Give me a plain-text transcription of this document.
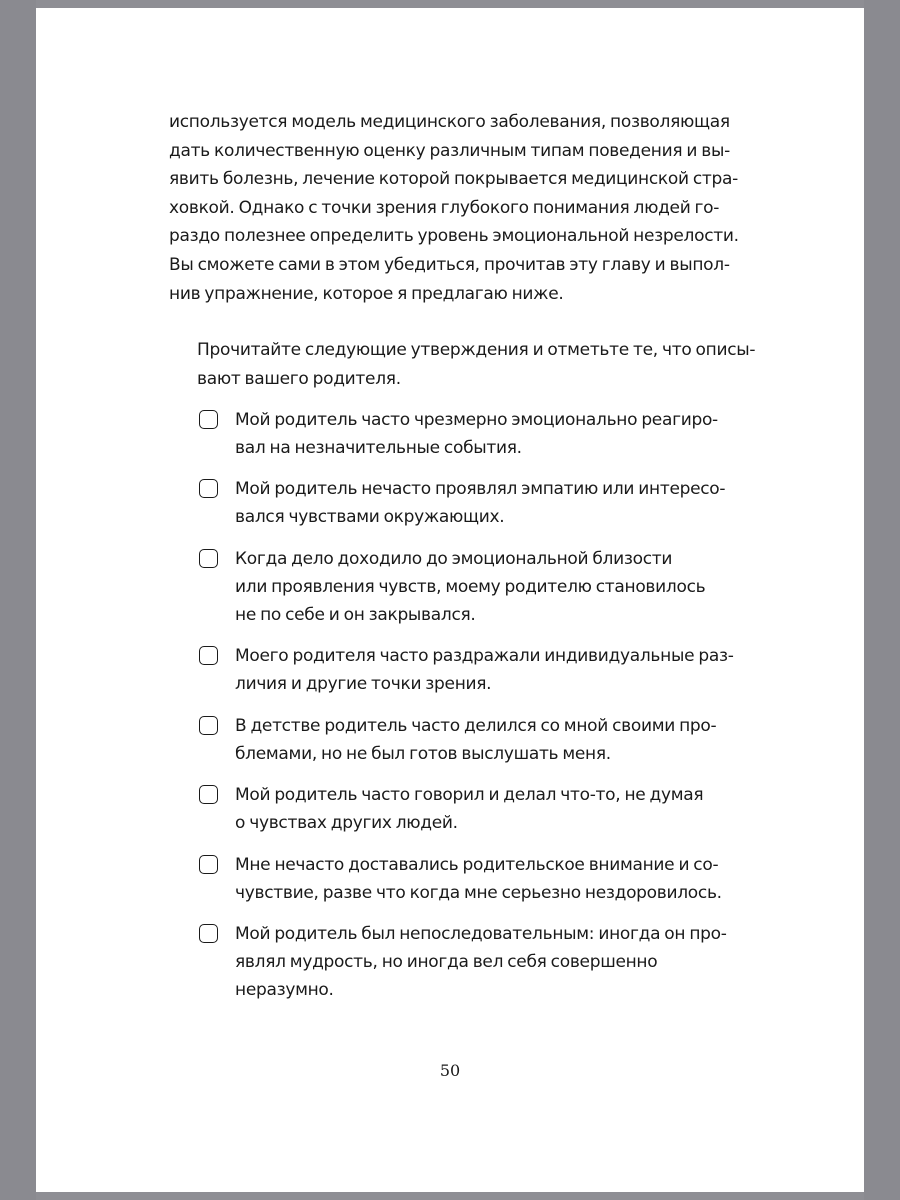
используется модель медицинского заболевания, позволяющая

дать количественную оценку различным типам поведения и вы-

явить болезнь, лечение которой покрывается медицинской стра-

ховкой. Однако с точки зрения глубокого понимания людей го-

раздо полезнее определить уровень эмоциональной незрелости.

Вы сможете сами в этом убедиться, прочитав эту главу и выпол-

нив упражнение, которое я предлагаю ниже.

Прочитайте следующие утверждения и отметьте те, что описы-

вают вашего родителя.

Мой родитель часто чрезмерно эмоционально реагиро-
вал на незначительные события.
Мой родитель нечасто проявлял эмпатию или интересо-
вался чувствами окружающих.
Когда дело доходило до эмоциональной близости
или проявления чувств, моему родителю становилось
не по себе и он закрывался.
Моего родителя часто раздражали индивидуальные раз-
личия и другие точки зрения.
В детстве родитель часто делился со мной своими про-
блемами, но не был готов выслушать меня.
Мой родитель часто говорил и делал что-то, не думая
о чувствах других людей.
Мне нечасто доставались родительское внимание и со-
чувствие, разве что когда мне серьезно нездоровилось.
Мой родитель был непоследовательным: иногда он про-
являл мудрость, но иногда вел себя совершенно
неразумно.
50
